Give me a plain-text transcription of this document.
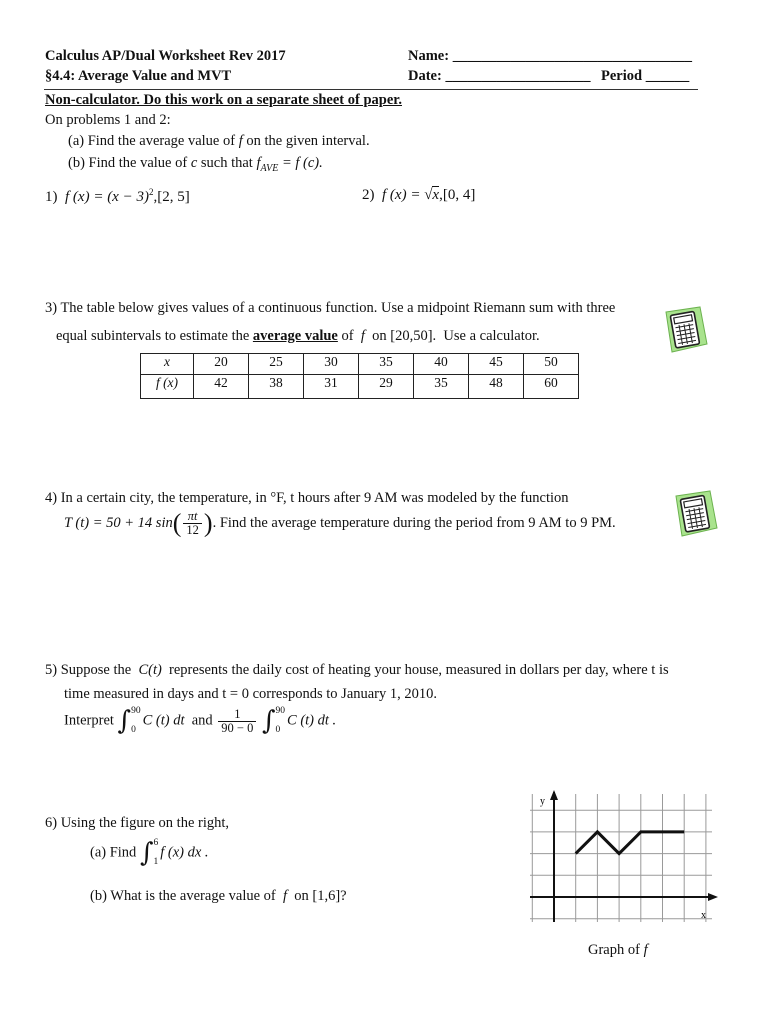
Calculus AP/Dual Worksheet Rev 2017
§4.4: Average Value and MVT
Name: _________________________________
Date: ____________________ Period ______
Non-calculator. Do this work on a separate sheet of paper.
On problems 1 and 2:
(a) Find the average value of f on the given interval.
(b) Find the value of c such that $f_{AVE} = f$ (c).
1) f $(x) = (x - 3)^2,[2$, 5]	2) f (x) = √x,[0, 4]
3) The table below gives values of a continuous function. Use a midpoint Riemann sum with three
equal subintervals to estimate the average value of f on [20,50]. Use a calculator.
x	20	25	30	35	40	45	50
f (x)	42	38	31	29	35	48	60
4) In a certain city, the temperature, in °F, t hours after 9 AM was modeled by the function
T (t) = 50 + 14 $\sin( \frac{\pi t}{12}$ ). Find the average temperature during the period from 9 AM to 9 PM.
5) Suppose the C(t) represents the daily cost of heating your house, measured in dollars per day, where t is
time measured in days and t = 0 corresponds to January 1, 2010.
Interpret ∫ 90
0
C (t) dt and $\frac{1}{90 - 0}$ ∫ 90
0
C (t) dt .
6) Using the figure on the right,
(a) Find ∫ 6
1
f (x) dx .
(b) What is the average value of f on [1,6]?
y
x
Graph of f
